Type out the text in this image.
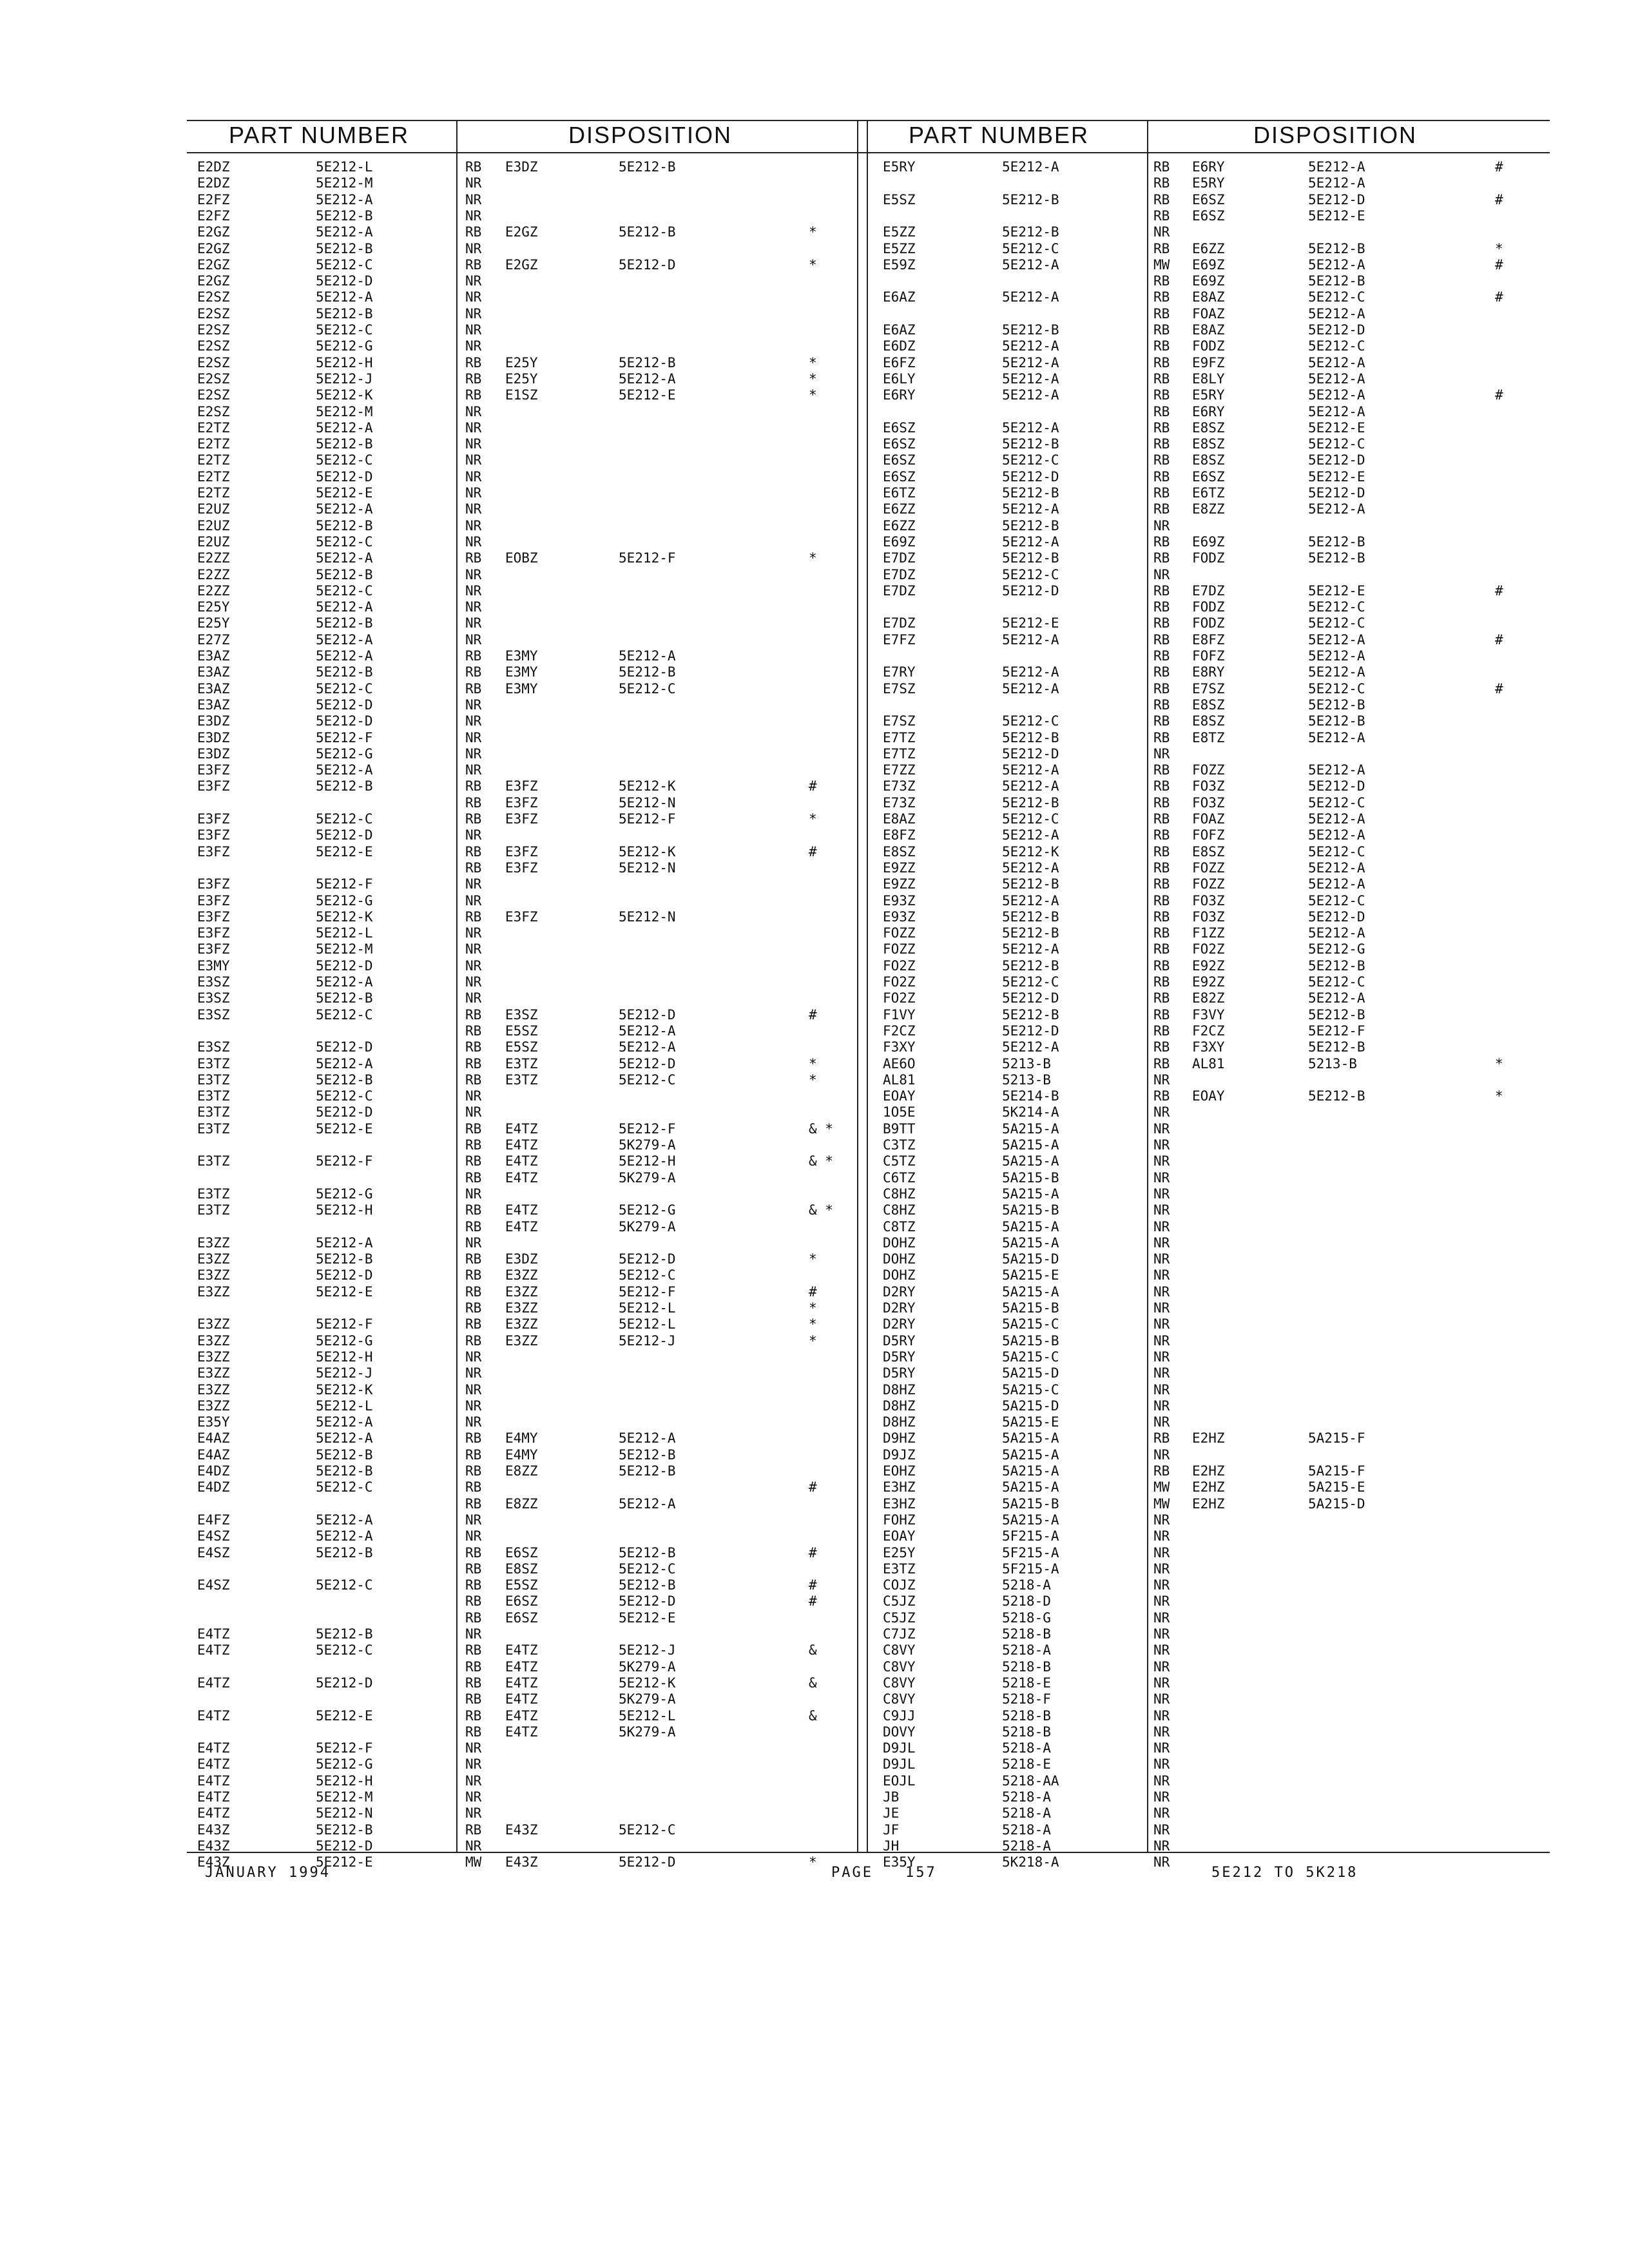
PART NUMBER	DISPOSITION	PART NUMBER	DISPOSITION
E2DZ	5E212-L	RB E3DZ	5E212-B
E2DZ	5E212-M	NR
E2FZ	5E212-A	NR
E2FZ	5E212-B	NR
E2GZ	5E212-A	RB E2GZ	5E212-B	*
E2GZ	5E212-B	NR
E2GZ	5E212-C	RB E2GZ	5E212-D	*
E2GZ	5E212-D	NR
E2SZ	5E212-A	NR
E2SZ	5E212-B	NR
E2SZ	5E212-C	NR
E2SZ	5E212-G	NR
E2SZ	5E212-H	RB E25Y	5E212-B	*
E2SZ	5E212-J	RB E25Y	5E212-A	*
E2SZ	5E212-K	RB E1SZ	5E212-E	*
E2SZ	5E212-M	NR
E2TZ	5E212-A	NR
E2TZ	5E212-B	NR
E2TZ	5E212-C	NR
E2TZ	5E212-D	NR
E2TZ	5E212-E	NR
E2UZ	5E212-A	NR
E2UZ	5E212-B	NR
E2UZ	5E212-C	NR
E2ZZ	5E212-A	RB EOBZ	5E212-F	*
E2ZZ	5E212-B	NR
E2ZZ	5E212-C	NR
E25Y	5E212-A	NR
E25Y	5E212-B	NR
E27Z	5E212-A	NR
E3AZ	5E212-A	RB E3MY	5E212-A
E3AZ	5E212-B	RB E3MY	5E212-B
E3AZ	5E212-C	RB E3MY	5E212-C
E3AZ	5E212-D	NR
E3DZ	5E212-D	NR
E3DZ	5E212-F	NR
E3DZ	5E212-G	NR
E3FZ	5E212-A	NR
E3FZ	5E212-B	RB E3FZ	5E212-K	#
RB E3FZ	5E212-N
E3FZ	5E212-C	RB E3FZ	5E212-F	*
E3FZ	5E212-D	NR
E3FZ	5E212-E	RB E3FZ	5E212-K	#
RB E3FZ	5E212-N
E3FZ	5E212-F	NR
E3FZ	5E212-G	NR
E3FZ	5E212-K	RB E3FZ	5E212-N
E3FZ	5E212-L	NR
E3FZ	5E212-M	NR
E3MY	5E212-D	NR
E3SZ	5E212-A	NR
E3SZ	5E212-B	NR
E3SZ	5E212-C	RB E3SZ	5E212-D	#
RB E5SZ	5E212-A
E3SZ	5E212-D	RB E5SZ	5E212-A
E3TZ	5E212-A	RB E3TZ	5E212-D	*
E3TZ	5E212-B	RB E3TZ	5E212-C	*
E3TZ	5E212-C	NR
E3TZ	5E212-D	NR
E3TZ	5E212-E	RB E4TZ	5E212-F	& *
RB E4TZ	5K279-A
E3TZ	5E212-F	RB E4TZ	5E212-H	& *
RB E4TZ	5K279-A
E3TZ	5E212-G	NR
E3TZ	5E212-H	RB E4TZ	5E212-G	& *
RB E4TZ	5K279-A
E3ZZ	5E212-A	NR
E3ZZ	5E212-B	RB E3DZ	5E212-D	*
E3ZZ	5E212-D	RB E3ZZ	5E212-C
E3ZZ	5E212-E	RB E3ZZ	5E212-F	#
RB E3ZZ	5E212-L	*
E3ZZ	5E212-F	RB E3ZZ	5E212-L	*
E3ZZ	5E212-G	RB E3ZZ	5E212-J	*
E3ZZ	5E212-H	NR
E3ZZ	5E212-J	NR
E3ZZ	5E212-K	NR
E3ZZ	5E212-L	NR
E35Y	5E212-A	NR
E4AZ	5E212-A	RB E4MY	5E212-A
E4AZ	5E212-B	RB E4MY	5E212-B
E4DZ	5E212-B	RB E8ZZ	5E212-B
E4DZ	5E212-C	RB	#
RB E8ZZ	5E212-A
E4FZ	5E212-A	NR
E4SZ	5E212-A	NR
E4SZ	5E212-B	RB E6SZ	5E212-B	#
RB E8SZ	5E212-C
E4SZ	5E212-C	RB E5SZ	5E212-B	#
RB E6SZ	5E212-D	#
RB E6SZ	5E212-E
E4TZ	5E212-B	NR
E4TZ	5E212-C	RB E4TZ	5E212-J	&
RB E4TZ	5K279-A
E4TZ	5E212-D	RB E4TZ	5E212-K	&
RB E4TZ	5K279-A
E4TZ	5E212-E	RB E4TZ	5E212-L	&
RB E4TZ	5K279-A
E4TZ	5E212-F	NR
E4TZ	5E212-G	NR
E4TZ	5E212-H	NR
E4TZ	5E212-M	NR
E4TZ	5E212-N	NR
E43Z	5E212-B	RB E43Z	5E212-C
E43Z	5E212-D	NR
E43Z	5E212-E	MW E43Z	5E212-D	*
E5RY	5E212-A	RB E6RY	5E212-A	#
RB E5RY	5E212-A
E5SZ	5E212-B	RB E6SZ	5E212-D	#
RB E6SZ	5E212-E
E5ZZ	5E212-B	NR
E5ZZ	5E212-C	RB E6ZZ	5E212-B	*
E59Z	5E212-A	MW E69Z	5E212-A	#
RB E69Z	5E212-B
E6AZ	5E212-A	RB E8AZ	5E212-C	#
RB FOAZ	5E212-A
E6AZ	5E212-B	RB E8AZ	5E212-D
E6DZ	5E212-A	RB FODZ	5E212-C
E6FZ	5E212-A	RB E9FZ	5E212-A
E6LY	5E212-A	RB E8LY	5E212-A
E6RY	5E212-A	RB E5RY	5E212-A	#
RB E6RY	5E212-A
E6SZ	5E212-A	RB E8SZ	5E212-E
E6SZ	5E212-B	RB E8SZ	5E212-C
E6SZ	5E212-C	RB E8SZ	5E212-D
E6SZ	5E212-D	RB E6SZ	5E212-E
E6TZ	5E212-B	RB E6TZ	5E212-D
E6ZZ	5E212-A	RB E8ZZ	5E212-A
E6ZZ	5E212-B	NR
E69Z	5E212-A	RB E69Z	5E212-B
E7DZ	5E212-B	RB FODZ	5E212-B
E7DZ	5E212-C	NR
E7DZ	5E212-D	RB E7DZ	5E212-E	#
RB FODZ	5E212-C
E7DZ	5E212-E	RB FODZ	5E212-C
E7FZ	5E212-A	RB E8FZ	5E212-A	#
RB FOFZ	5E212-A
E7RY	5E212-A	RB E8RY	5E212-A
E7SZ	5E212-A	RB E7SZ	5E212-C	#
RB E8SZ	5E212-B
E7SZ	5E212-C	RB E8SZ	5E212-B
E7TZ	5E212-B	RB E8TZ	5E212-A
E7TZ	5E212-D	NR
E7ZZ	5E212-A	RB FOZZ	5E212-A
E73Z	5E212-A	RB FO3Z	5E212-D
E73Z	5E212-B	RB FO3Z	5E212-C
E8AZ	5E212-C	RB FOAZ	5E212-A
E8FZ	5E212-A	RB FOFZ	5E212-A
E8SZ	5E212-K	RB E8SZ	5E212-C
E9ZZ	5E212-A	RB FOZZ	5E212-A
E9ZZ	5E212-B	RB FOZZ	5E212-A
E93Z	5E212-A	RB FO3Z	5E212-C
E93Z	5E212-B	RB FO3Z	5E212-D
FOZZ	5E212-B	RB F1ZZ	5E212-A
FOZZ	5E212-A	RB FO2Z	5E212-G
FO2Z	5E212-B	RB E92Z	5E212-B
FO2Z	5E212-C	RB E92Z	5E212-C
FO2Z	5E212-D	RB E82Z	5E212-A
F1VY	5E212-B	RB F3VY	5E212-B
F2CZ	5E212-D	RB F2CZ	5E212-F
F3XY	5E212-A	RB F3XY	5E212-B
AE6O	5213-B	RB AL81	5213-B	*
AL81	5213-B	NR
EOAY	5E214-B	RB EOAY	5E212-B	*
1O5E	5K214-A	NR
B9TT	5A215-A	NR
C3TZ	5A215-A	NR
C5TZ	5A215-A	NR
C6TZ	5A215-B	NR
C8HZ	5A215-A	NR
C8HZ	5A215-B	NR
C8TZ	5A215-A	NR
DOHZ	5A215-A	NR
DOHZ	5A215-D	NR
DOHZ	5A215-E	NR
D2RY	5A215-A	NR
D2RY	5A215-B	NR
D2RY	5A215-C	NR
D5RY	5A215-B	NR
D5RY	5A215-C	NR
D5RY	5A215-D	NR
D8HZ	5A215-C	NR
D8HZ	5A215-D	NR
D8HZ	5A215-E	NR
D9HZ	5A215-A	RB E2HZ	5A215-F
D9JZ	5A215-A	NR
EOHZ	5A215-A	RB E2HZ	5A215-F
E3HZ	5A215-A	MW E2HZ	5A215-E
E3HZ	5A215-B	MW E2HZ	5A215-D
FOHZ	5A215-A	NR
EOAY	5F215-A	NR
E25Y	5F215-A	NR
E3TZ	5F215-A	NR
COJZ	5218-A	NR
C5JZ	5218-D	NR
C5JZ	5218-G	NR
C7JZ	5218-B	NR
C8VY	5218-A	NR
C8VY	5218-B	NR
C8VY	5218-E	NR
C8VY	5218-F	NR
C9JJ	5218-B	NR
DOVY	5218-B	NR
D9JL	5218-A	NR
D9JL	5218-E	NR
EOJL	5218-AA	NR
JB	5218-A	NR
JE	5218-A	NR
JF	5218-A	NR
JH	5218-A	NR
E35Y	5K218-A	NR
JANUARY 1994	PAGE 157	5E212 TO 5K218
